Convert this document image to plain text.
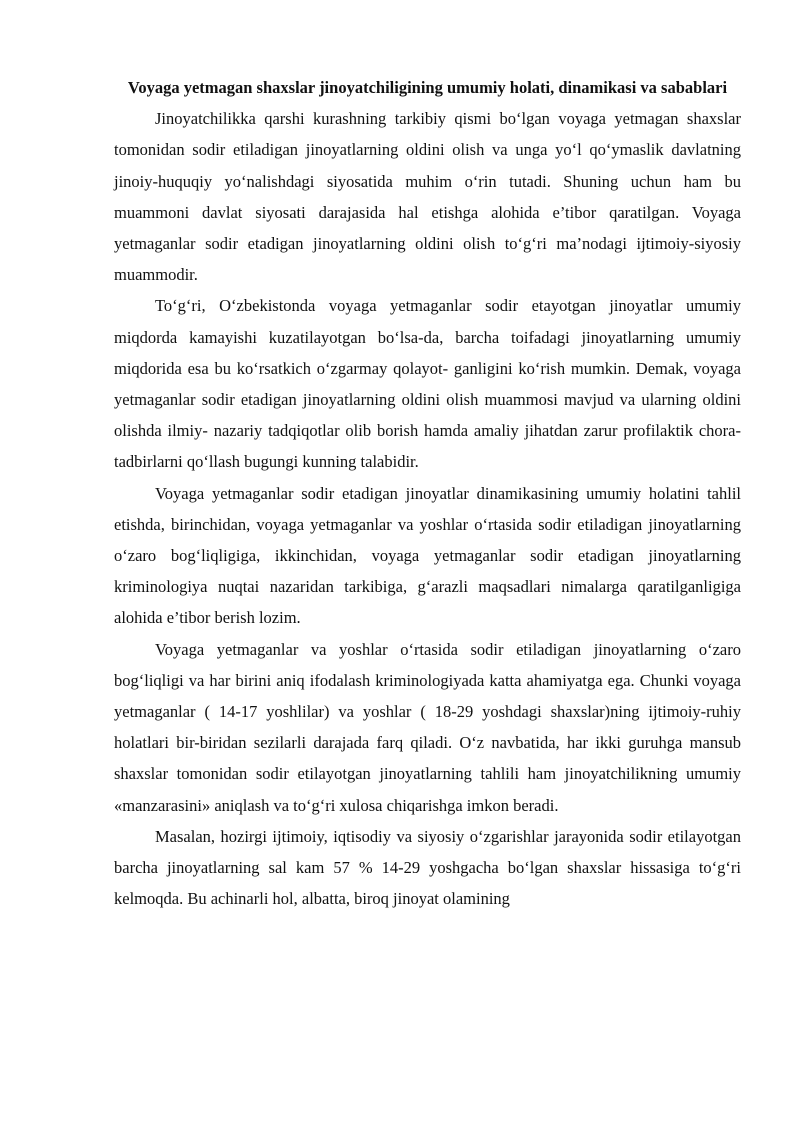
Voyaga yetmagan shaxslar jinoyatchiligining umumiy holati, dinamikasi va sabablari

Jinoyatchilikka qarshi kurashning tarkibiy qismi bo‘lgan voyaga yetmagan shaxslar tomonidan sodir etiladigan jinoyatlarning oldini olish va unga yo‘l qo‘ymaslik davlatning jinoiy-huquqiy yo‘nalishdagi siyosatida muhim o‘rin tutadi. Shuning uchun ham bu muammoni davlat siyosati darajasida hal etishga alohida e’tibor qaratilgan. Voyaga yetmaganlar sodir etadigan jinoyatlarning oldini olish to‘g‘ri ma’nodagi ijtimoiy-siyosiy muammodir.

To‘g‘ri, O‘zbekistonda voyaga yetmaganlar sodir etayotgan jinoyatlar umumiy miqdorda kamayishi kuzatilayotgan bo‘lsa-da, barcha toifadagi jinoyatlarning umumiy miqdorida esa bu ko‘rsatkich o‘zgarmay qolayot- ganligini ko‘rish mumkin. Demak, voyaga yetmaganlar sodir etadigan jinoyatlarning oldini olish muammosi mavjud va ularning oldini olishda ilmiy- nazariy tadqiqotlar olib borish hamda amaliy jihatdan zarur profilaktik chora- tadbirlarni qo‘llash bugungi kunning talabidir.

Voyaga yetmaganlar sodir etadigan jinoyatlar dinamikasining umumiy holatini tahlil etishda, birinchidan, voyaga yetmaganlar va yoshlar o‘rtasida sodir etiladigan jinoyatlarning o‘zaro bog‘liqligiga, ikkinchidan, voyaga yetmaganlar sodir etadigan jinoyatlarning kriminologiya nuqtai nazaridan tarkibiga, g‘arazli maqsadlari nimalarga qaratilganligiga alohida e’tibor berish lozim.

Voyaga yetmaganlar va yoshlar o‘rtasida sodir etiladigan jinoyatlarning o‘zaro bog‘liqligi va har birini aniq ifodalash kriminologiyada katta ahamiyatga ega. Chunki voyaga yetmaganlar ( 14-17 yoshlilar) va yoshlar ( 18-29 yoshdagi shaxslar)ning ijtimoiy-ruhiy holatlari bir-biridan sezilarli darajada farq qiladi. O‘z navbatida, har ikki guruhga mansub shaxslar tomonidan sodir etilayotgan jinoyatlarning tahlili ham jinoyatchilikning umumiy «manzarasini» aniqlash va to‘g‘ri xulosa chiqarishga imkon beradi.

Masalan, hozirgi ijtimoiy, iqtisodiy va siyosiy o‘zgarishlar jarayonida sodir etilayotgan barcha jinoyatlarning sal kam 57 % 14-29 yoshgacha bo‘lgan shaxslar hissasiga to‘g‘ri kelmoqda. Bu achinarli hol, albatta, biroq jinoyat olamining
